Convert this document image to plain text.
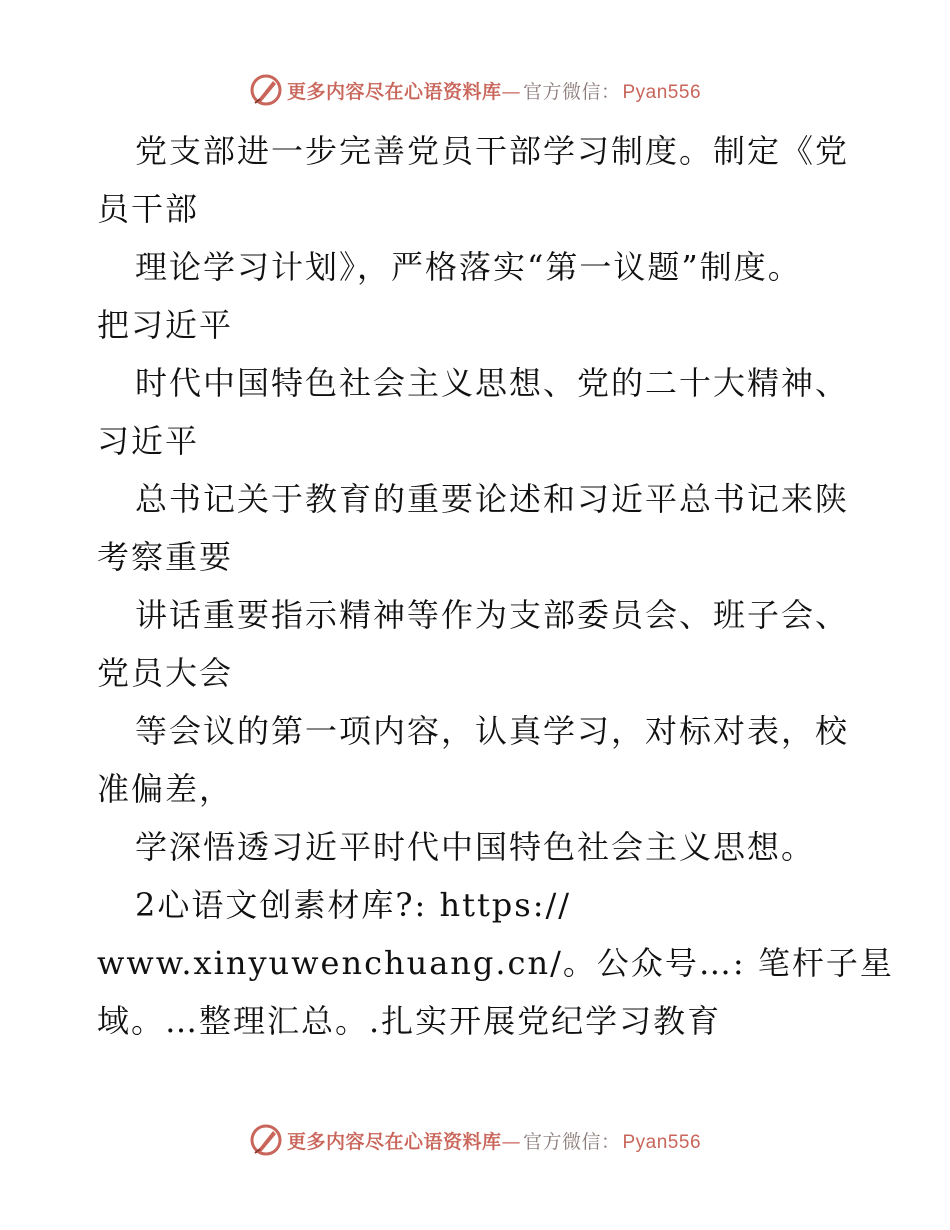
更多内容尽在心语资料库— 官方微信： Pyan556
党支部进一步完善党员干部学习制度。制定《党
员干部
理论学习计划》，严格落实“第一议题”制度。
把习近平
时代中国特色社会主义思想、党的二十大精神、
习近平
总书记关于教育的重要论述和习近平总书记来陕
考察重要
讲话重要指示精神等作为支部委员会、班子会、
党员大会
等会议的第一项内容，认真学习，对标对表，校
准偏差，
学深悟透习近平时代中国特色社会主义思想。
2心语文创素材库?: https://
www.xinyuwenchuang.cn/。公众号…: 笔杆子星
域。…整理汇总。.扎实开展党纪学习教育
更多内容尽在心语资料库— 官方微信： Pyan556
